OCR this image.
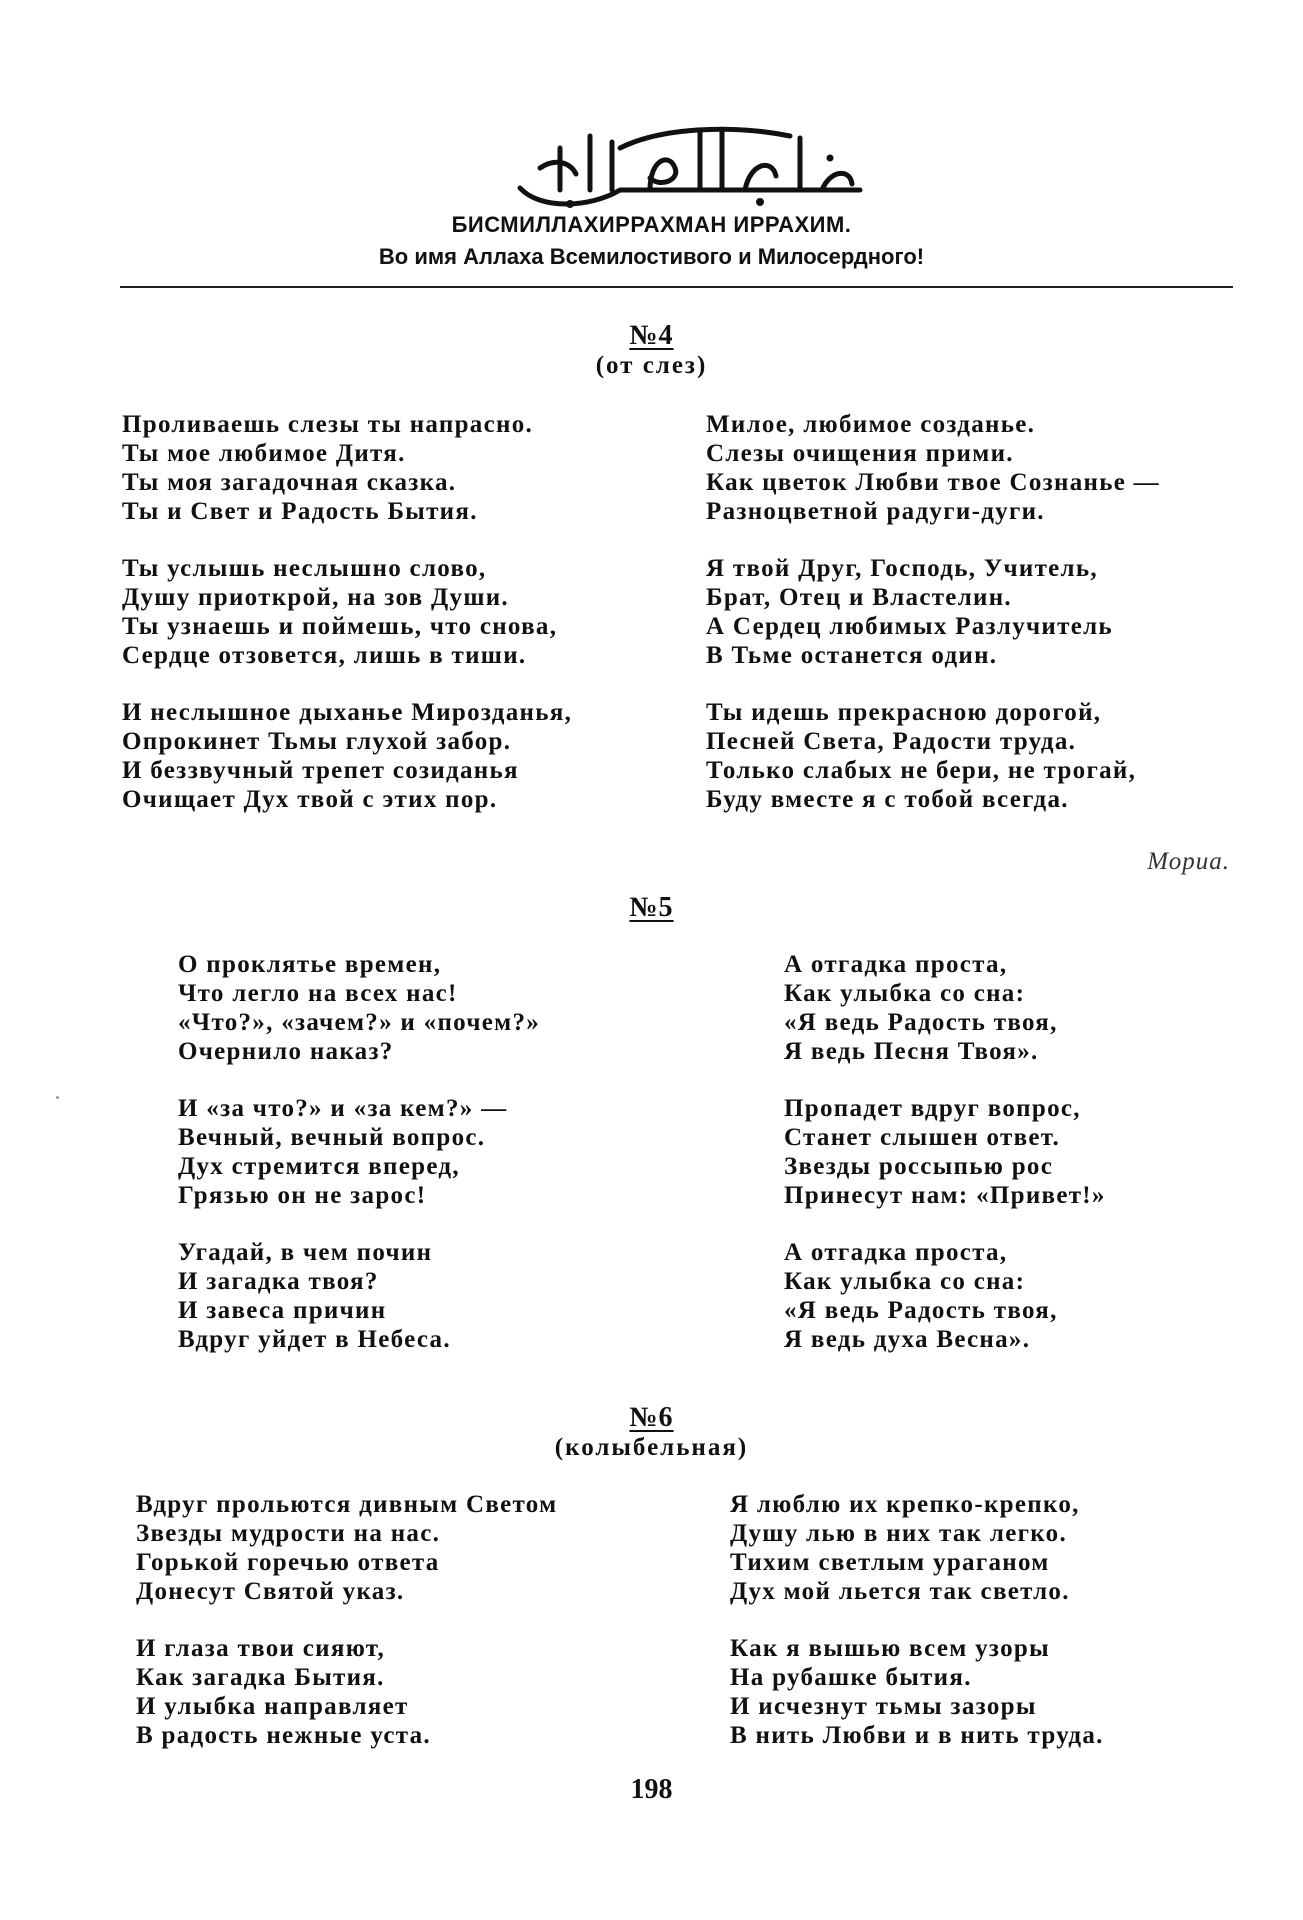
БИСМИЛЛАХИРРАХМАН ИРРАХИМ.
Во имя Аллаха Всемилостивого и Милосердного!
№4
(от слез)
Проливаешь слезы ты напрасно.
Ты мое любимое Дитя.
Ты моя загадочная сказка.
Ты и Свет и Радость Бытия.
Ты услышь неслышно слово,
Душу приоткрой, на зов Души.
Ты узнаешь и поймешь, что снова,
Сердце отзовется, лишь в тиши.
И неслышное дыханье Мирозданья,
Опрокинет Тьмы глухой забор.
И беззвучный трепет созиданья
Очищает Дух твой с этих пор.
Милое, любимое созданье.
Слезы очищения прими.
Как цветок Любви твое Сознанье —
Разноцветной радуги-дуги.
Я твой Друг, Господь, Учитель,
Брат, Отец и Властелин.
А Сердец любимых Разлучитель
В Тьме останется один.
Ты идешь прекрасною дорогой,
Песней Света, Радости труда.
Только слабых не бери, не трогай,
Буду вместе я с тобой всегда.
Мориа.
№5
О проклятье времен,
Что легло на всех нас!
«Что?», «зачем?» и «почем?»
Очернило наказ?
И «за что?» и «за кем?» —
Вечный, вечный вопрос.
Дух стремится вперед,
Грязью он не зарос!
Угадай, в чем почин
И загадка твоя?
И завеса причин
Вдруг уйдет в Небеса.
А отгадка проста,
Как улыбка со сна:
«Я ведь Радость твоя,
Я ведь Песня Твоя».
Пропадет вдруг вопрос,
Станет слышен ответ.
Звезды россыпью рос
Принесут нам: «Привет!»
А отгадка проста,
Как улыбка со сна:
«Я ведь Радость твоя,
Я ведь духа Весна».
№6
(колыбельная)
Вдруг прольются дивным Светом
Звезды мудрости на нас.
Горькой горечью ответа
Донесут Святой указ.
И глаза твои сияют,
Как загадка Бытия.
И улыбка направляет
В радость нежные уста.
Я люблю их крепко-крепко,
Душу лью в них так легко.
Тихим светлым ураганом
Дух мой льется так светло.
Как я вышью всем узоры
На рубашке бытия.
И исчезнут тьмы зазоры
В нить Любви и в нить труда.
198
